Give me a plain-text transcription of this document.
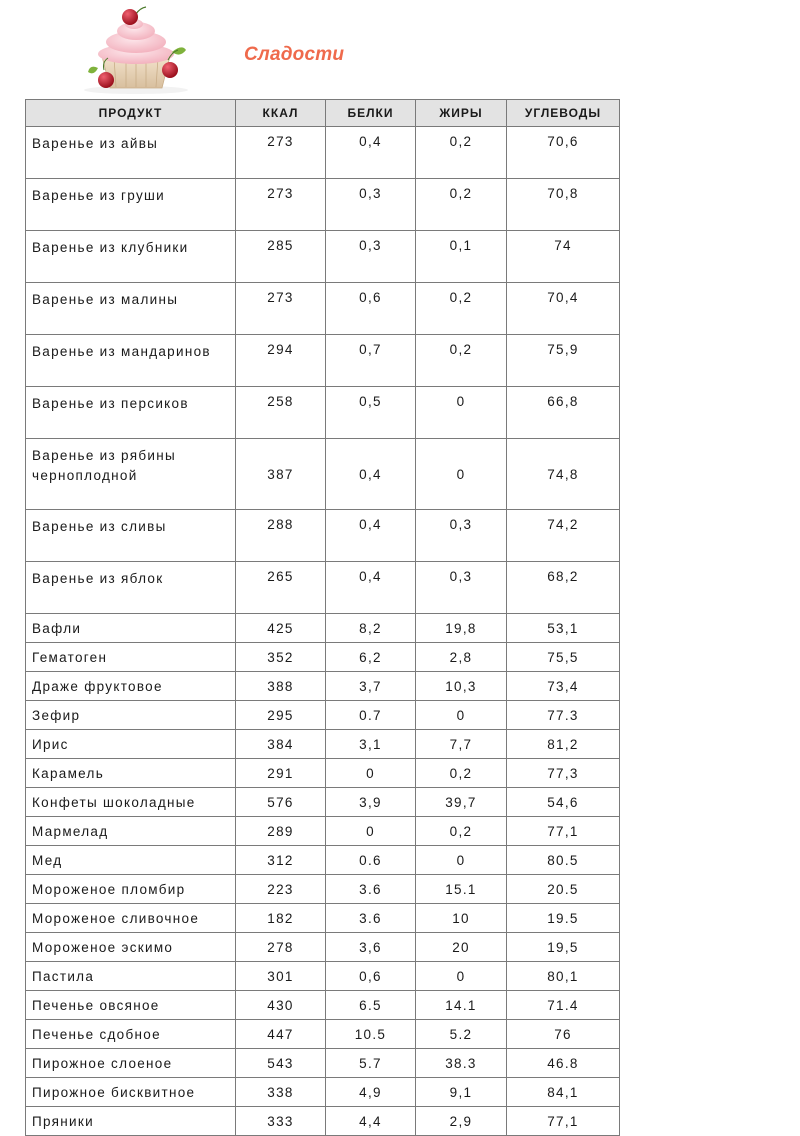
Сладости
ПРОДУКТ	ККАЛ	БЕЛКИ	ЖИРЫ	УГЛЕВОДЫ
Варенье из айвы	273	0,4	0,2	70,6
Варенье из груши	273	0,3	0,2	70,8
Варенье из клубники	285	0,3	0,1	74
Варенье из малины	273	0,6	0,2	70,4
Варенье из мандаринов	294	0,7	0,2	75,9
Варенье из персиков	258	0,5	0	66,8
Варенье из рябины черноплодной	387	0,4	0	74,8
Варенье из сливы	288	0,4	0,3	74,2
Варенье из яблок	265	0,4	0,3	68,2
Вафли	425	8,2	19,8	53,1
Гематоген	352	6,2	2,8	75,5
Драже фруктовое	388	3,7	10,3	73,4
Зефир	295	0.7	0	77.3
Ирис	384	3,1	7,7	81,2
Карамель	291	0	0,2	77,3
Конфеты шоколадные	576	3,9	39,7	54,6
Мармелад	289	0	0,2	77,1
Мед	312	0.6	0	80.5
Мороженое пломбир	223	3.6	15.1	20.5
Мороженое сливочное	182	3.6	10	19.5
Мороженое эскимо	278	3,6	20	19,5
Пастила	301	0,6	0	80,1
Печенье овсяное	430	6.5	14.1	71.4
Печенье сдобное	447	10.5	5.2	76
Пирожное слоеное	543	5.7	38.3	46.8
Пирожное бисквитное	338	4,9	9,1	84,1
Пряники	333	4,4	2,9	77,1
